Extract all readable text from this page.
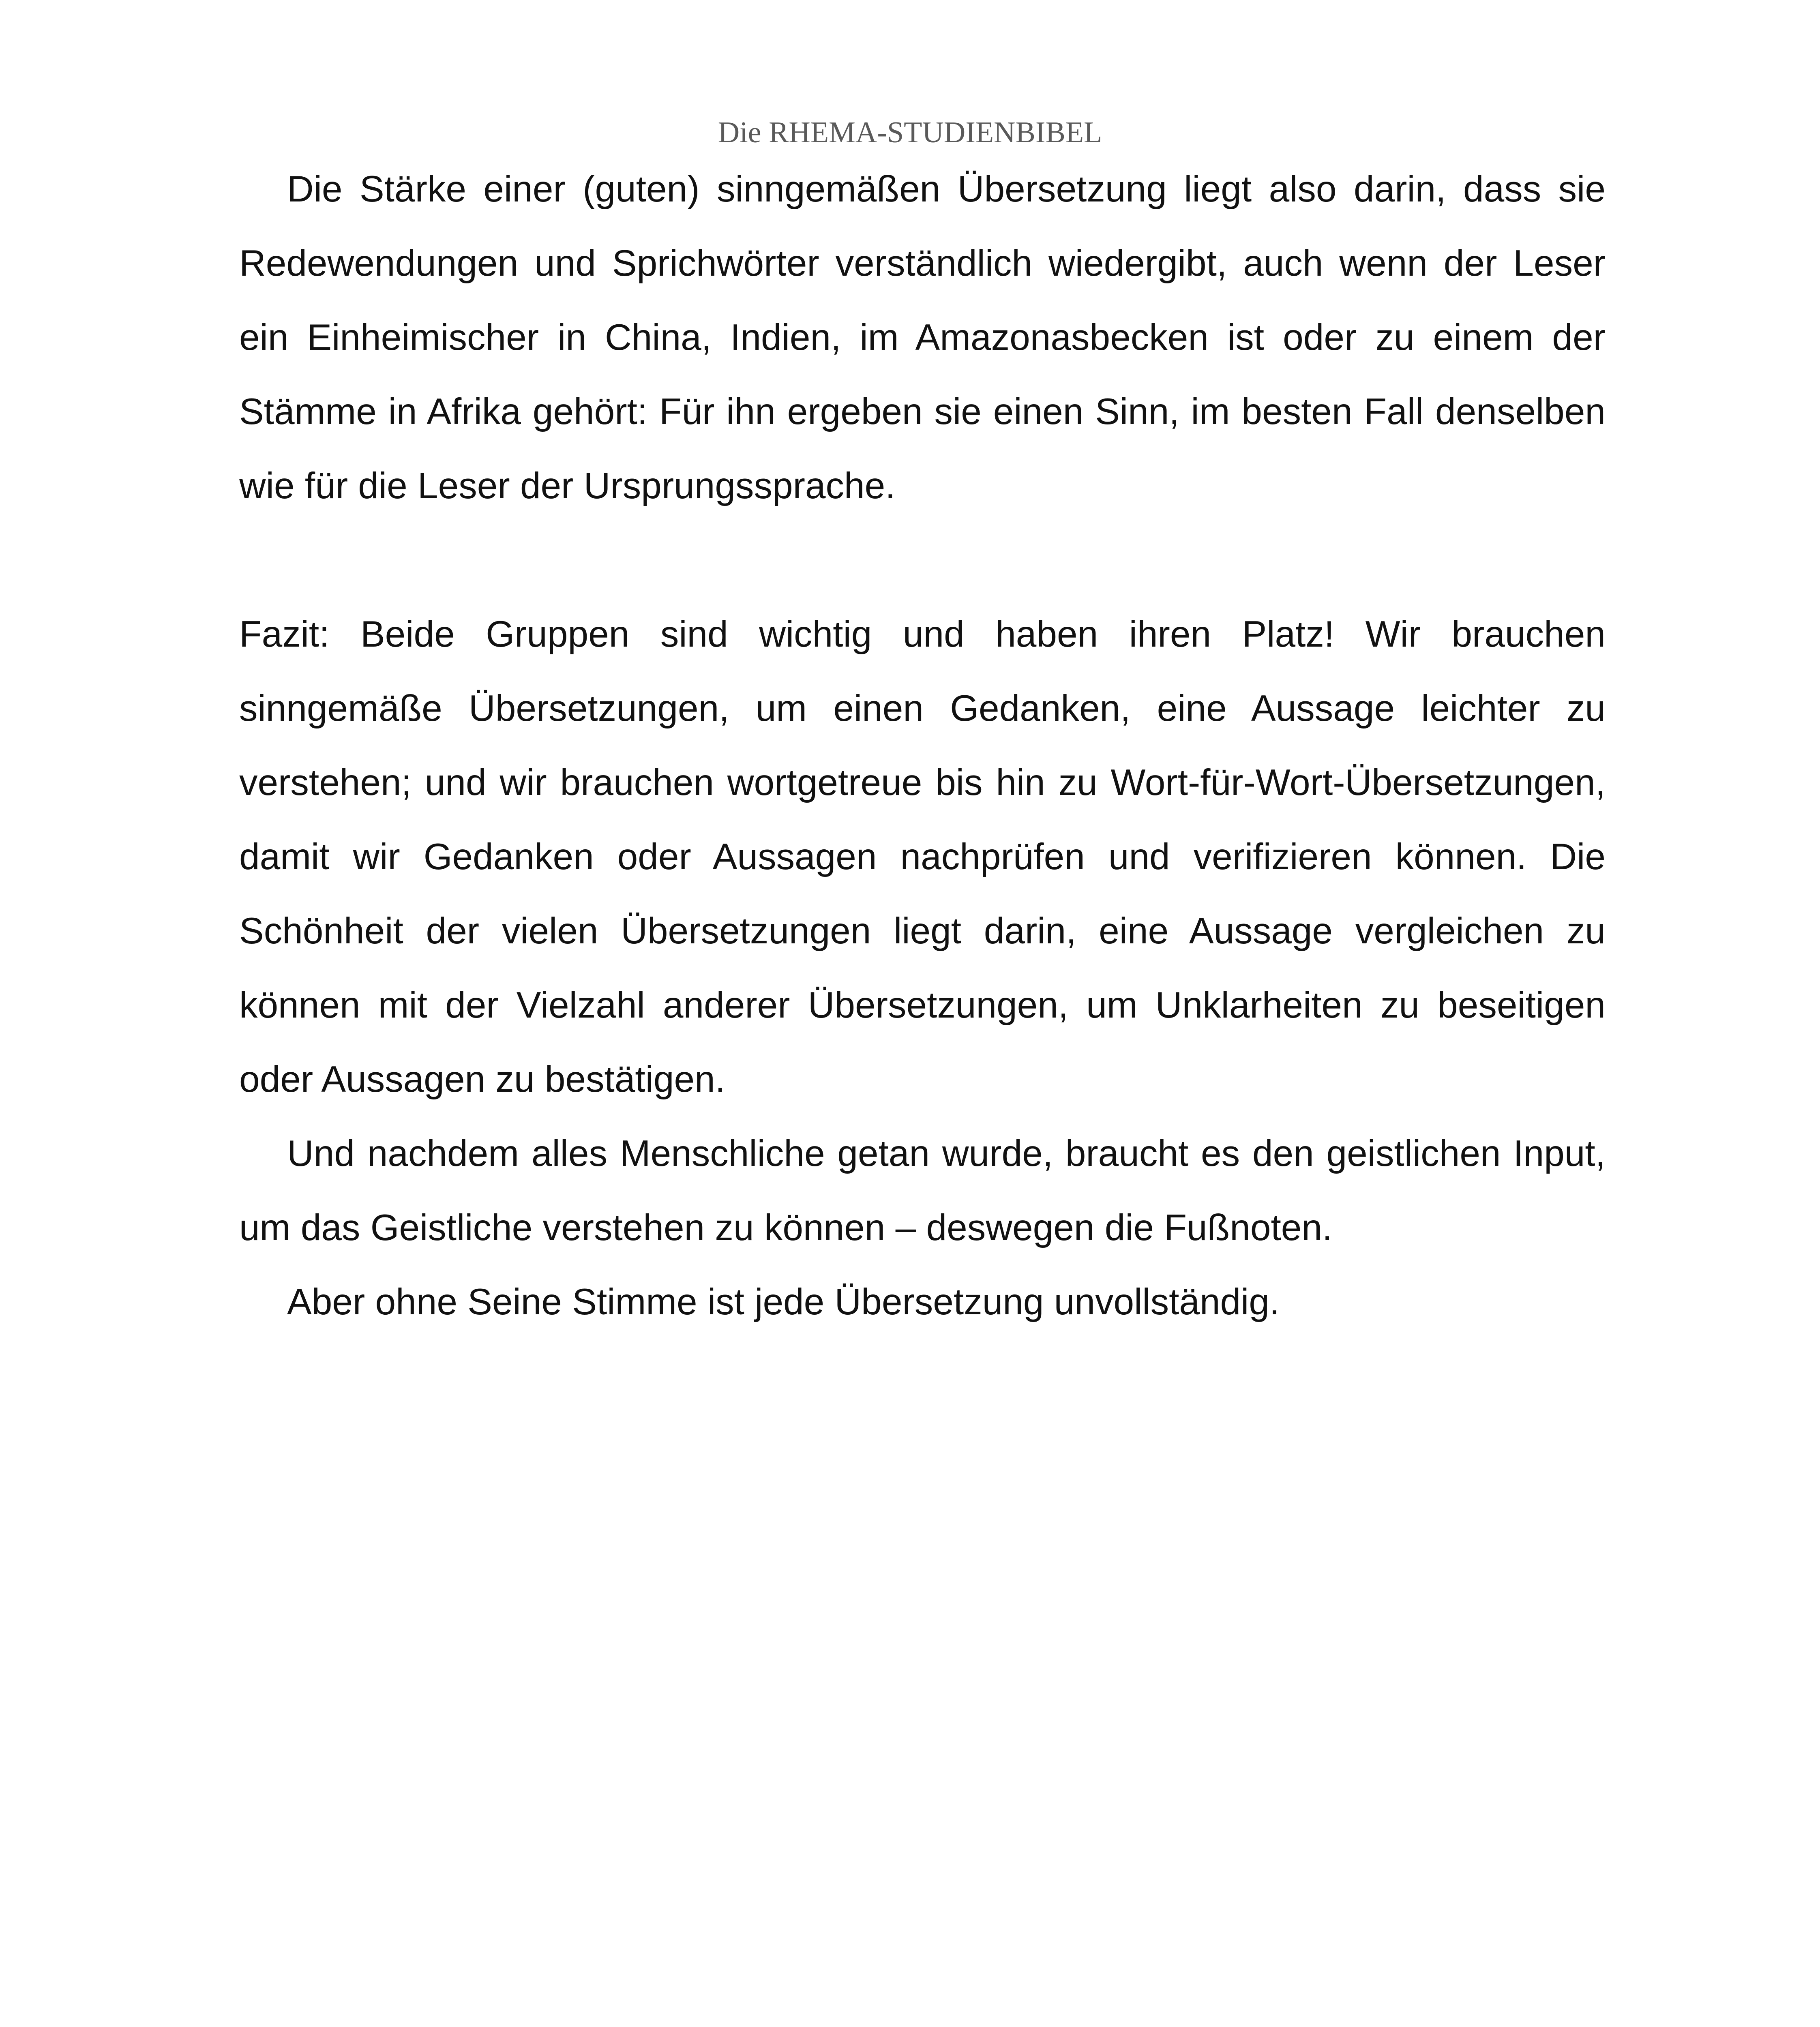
Die RHEMA-STUDIENBIBEL

Die Stärke einer (guten) sinngemäßen Übersetzung liegt also darin, dass sie Redewendungen und Sprichwörter verständlich wiedergibt, auch wenn der Leser ein Einheimischer in China, Indien, im Amazonasbecken ist oder zu einem der Stämme in Afrika gehört: Für ihn ergeben sie einen Sinn, im besten Fall denselben wie für die Leser der Ursprungssprache.

Fazit: Beide Gruppen sind wichtig und haben ihren Platz! Wir brauchen sinngemäße Übersetzungen, um einen Gedanken, eine Aussage leichter zu verstehen; und wir brauchen wortgetreue bis hin zu Wort-für-Wort-Übersetzungen, damit wir Gedanken oder Aussagen nachprüfen und verifizieren können. Die Schönheit der vielen Übersetzungen liegt darin, eine Aussage vergleichen zu können mit der Vielzahl anderer Übersetzungen, um Unklarheiten zu beseitigen oder Aussagen zu bestätigen.

Und nachdem alles Menschliche getan wurde, braucht es den geistlichen Input, um das Geistliche verstehen zu können – deswegen die Fußnoten.

Aber ohne Seine Stimme ist jede Übersetzung unvollständig.
